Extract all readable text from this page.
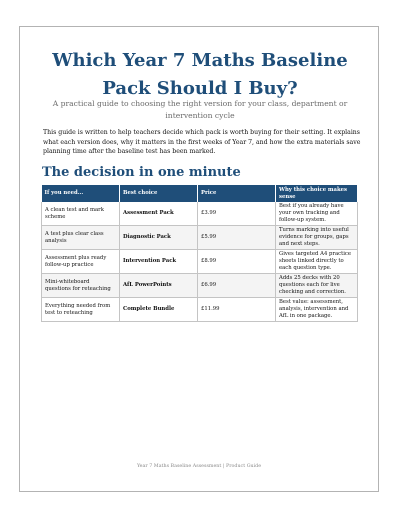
Which Year 7 Maths Baseline Pack Should I Buy?

A practical guide to choosing the right version for your class, department or intervention cycle

This guide is written to help teachers decide which pack is worth buying for their setting. It explains what each version does, why it matters in the first weeks of Year 7, and how the extra materials save planning time after the baseline test has been marked.

The decision in one minute
If you need...	Best choice	Price	Why this choice makes sense
A clean test and mark scheme	Assessment Pack	£3.99	Best if you already have your own tracking and follow-up system.
A test plus clear class analysis	Diagnostic Pack	£5.99	Turns marking into useful evidence for groups, gaps and next steps.
Assessment plus ready follow-up practice	Intervention Pack	£8.99	Gives targeted A4 practice sheets linked directly to each question type.
Mini-whiteboard questions for reteaching	AfL PowerPoints	£6.99	Adds 25 decks with 20 questions each for live checking and correction.
Everything needed from test to reteaching	Complete Bundle	£11.99	Best value: assessment, analysis, intervention and AfL in one package.

Year 7 Maths Baseline Assessment | Product Guide
